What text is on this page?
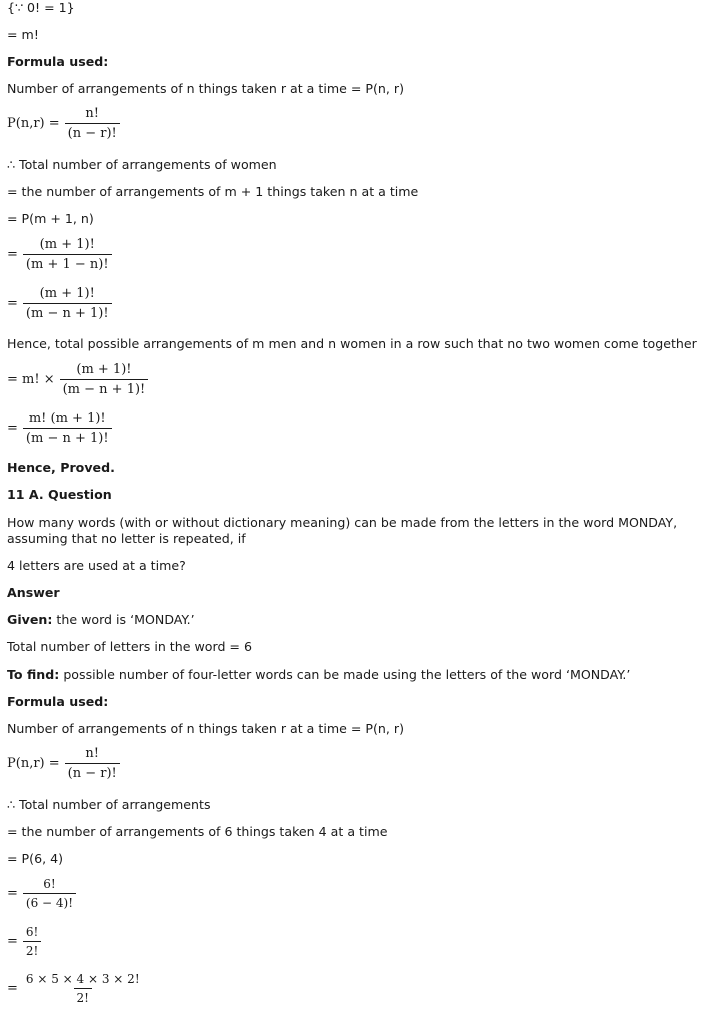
{∵ 0! = 1}
= m!
Formula used:
Number of arrangements of n things taken r at a time = P(n, r)
$P(n,r) = \frac{n!}{(n - r)!}$
∴ Total number of arrangements of women
= the number of arrangements of m + 1 things taken n at a time
= P(m + 1, n)
= $\frac{(m + 1)!}{(m + 1 - n)!}$
= $\frac{(m + 1)!}{(m - n + 1)!}$
Hence, total possible arrangements of m men and n women in a row such that no two women come together
= m! × $\frac{(m + 1)!}{(m - n + 1)!}$
= $\frac{m! (m + 1)!}{(m - n + 1)!}$
Hence, Proved.
11 A. Question
How many words (with or without dictionary meaning) can be made from the letters in the word MONDAY,
assuming that no letter is repeated, if
4 letters are used at a time?
Answer
Given: the word is ‘MONDAY.’
Total number of letters in the word = 6
To find: possible number of four-letter words can be made using the letters of the word ‘MONDAY.’
Formula used:
Number of arrangements of n things taken r at a time = P(n, r)
$P(n,r) = \frac{n!}{(n - r)!}$
∴ Total number of arrangements
= the number of arrangements of 6 things taken 4 at a time
= P(6, 4)
= $\frac{6!}{(6 - 4)!}$
= $\frac{6!}{2!}$
= $\frac{6 \times 5 \times 4 \times 3 \times 2!}{2!}$
